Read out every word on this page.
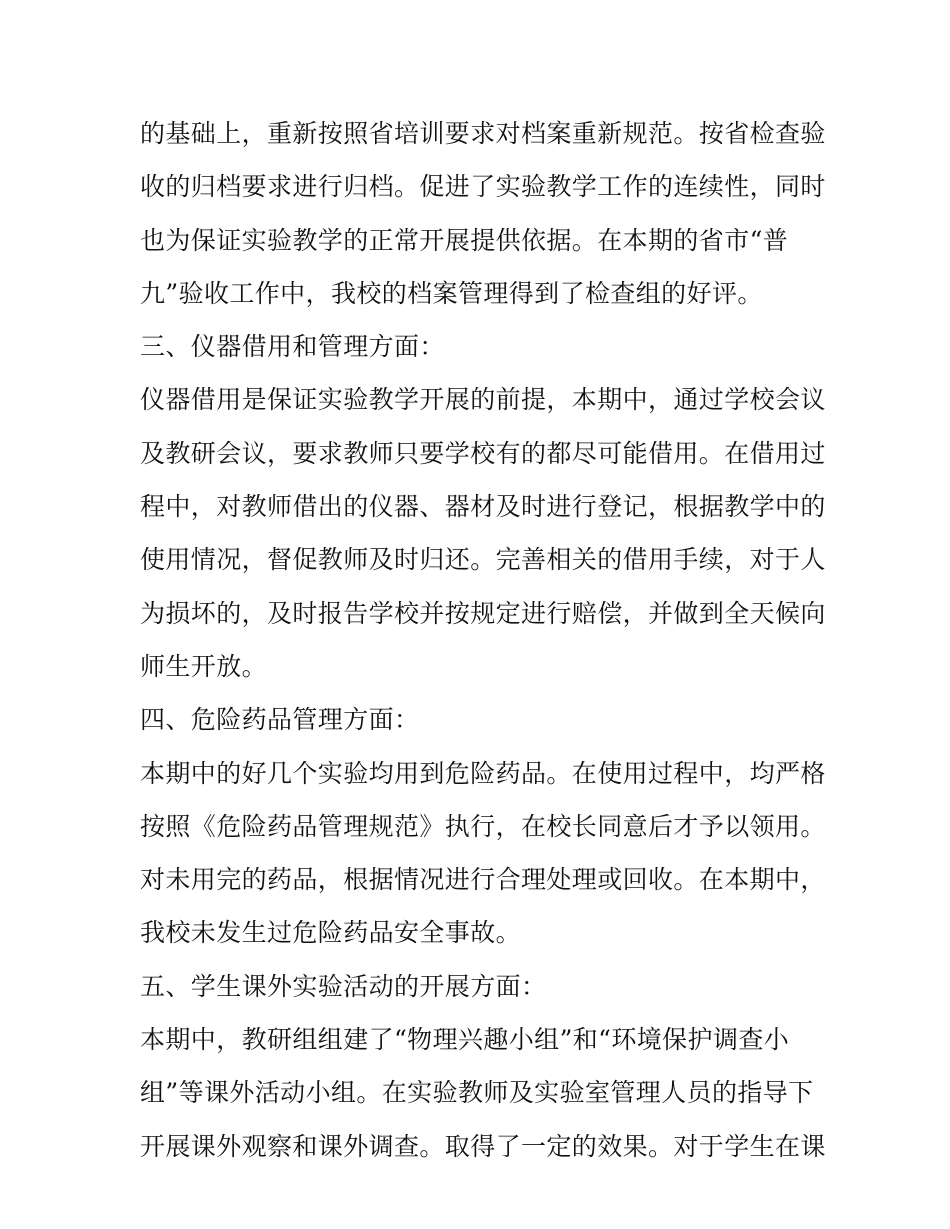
的基础上，重新按照省培训要求对档案重新规范。按省检查验
收的归档要求进行归档。促进了实验教学工作的连续性，同时
也为保证实验教学的正常开展提供依据。在本期的省市“普
九”验收工作中，我校的档案管理得到了检查组的好评。
三、仪器借用和管理方面：
仪器借用是保证实验教学开展的前提，本期中，通过学校会议
及教研会议，要求教师只要学校有的都尽可能借用。在借用过
程中，对教师借出的仪器、器材及时进行登记，根据教学中的
使用情况，督促教师及时归还。完善相关的借用手续，对于人
为损坏的，及时报告学校并按规定进行赔偿，并做到全天候向
师生开放。
四、危险药品管理方面：
本期中的好几个实验均用到危险药品。在使用过程中，均严格
按照《危险药品管理规范》执行，在校长同意后才予以领用。
对未用完的药品，根据情况进行合理处理或回收。在本期中，
我校未发生过危险药品安全事故。
五、学生课外实验活动的开展方面：
本期中，教研组组建了“物理兴趣小组”和“环境保护调查小
组”等课外活动小组。在实验教师及实验室管理人员的指导下
开展课外观察和课外调查。取得了一定的效果。对于学生在课
